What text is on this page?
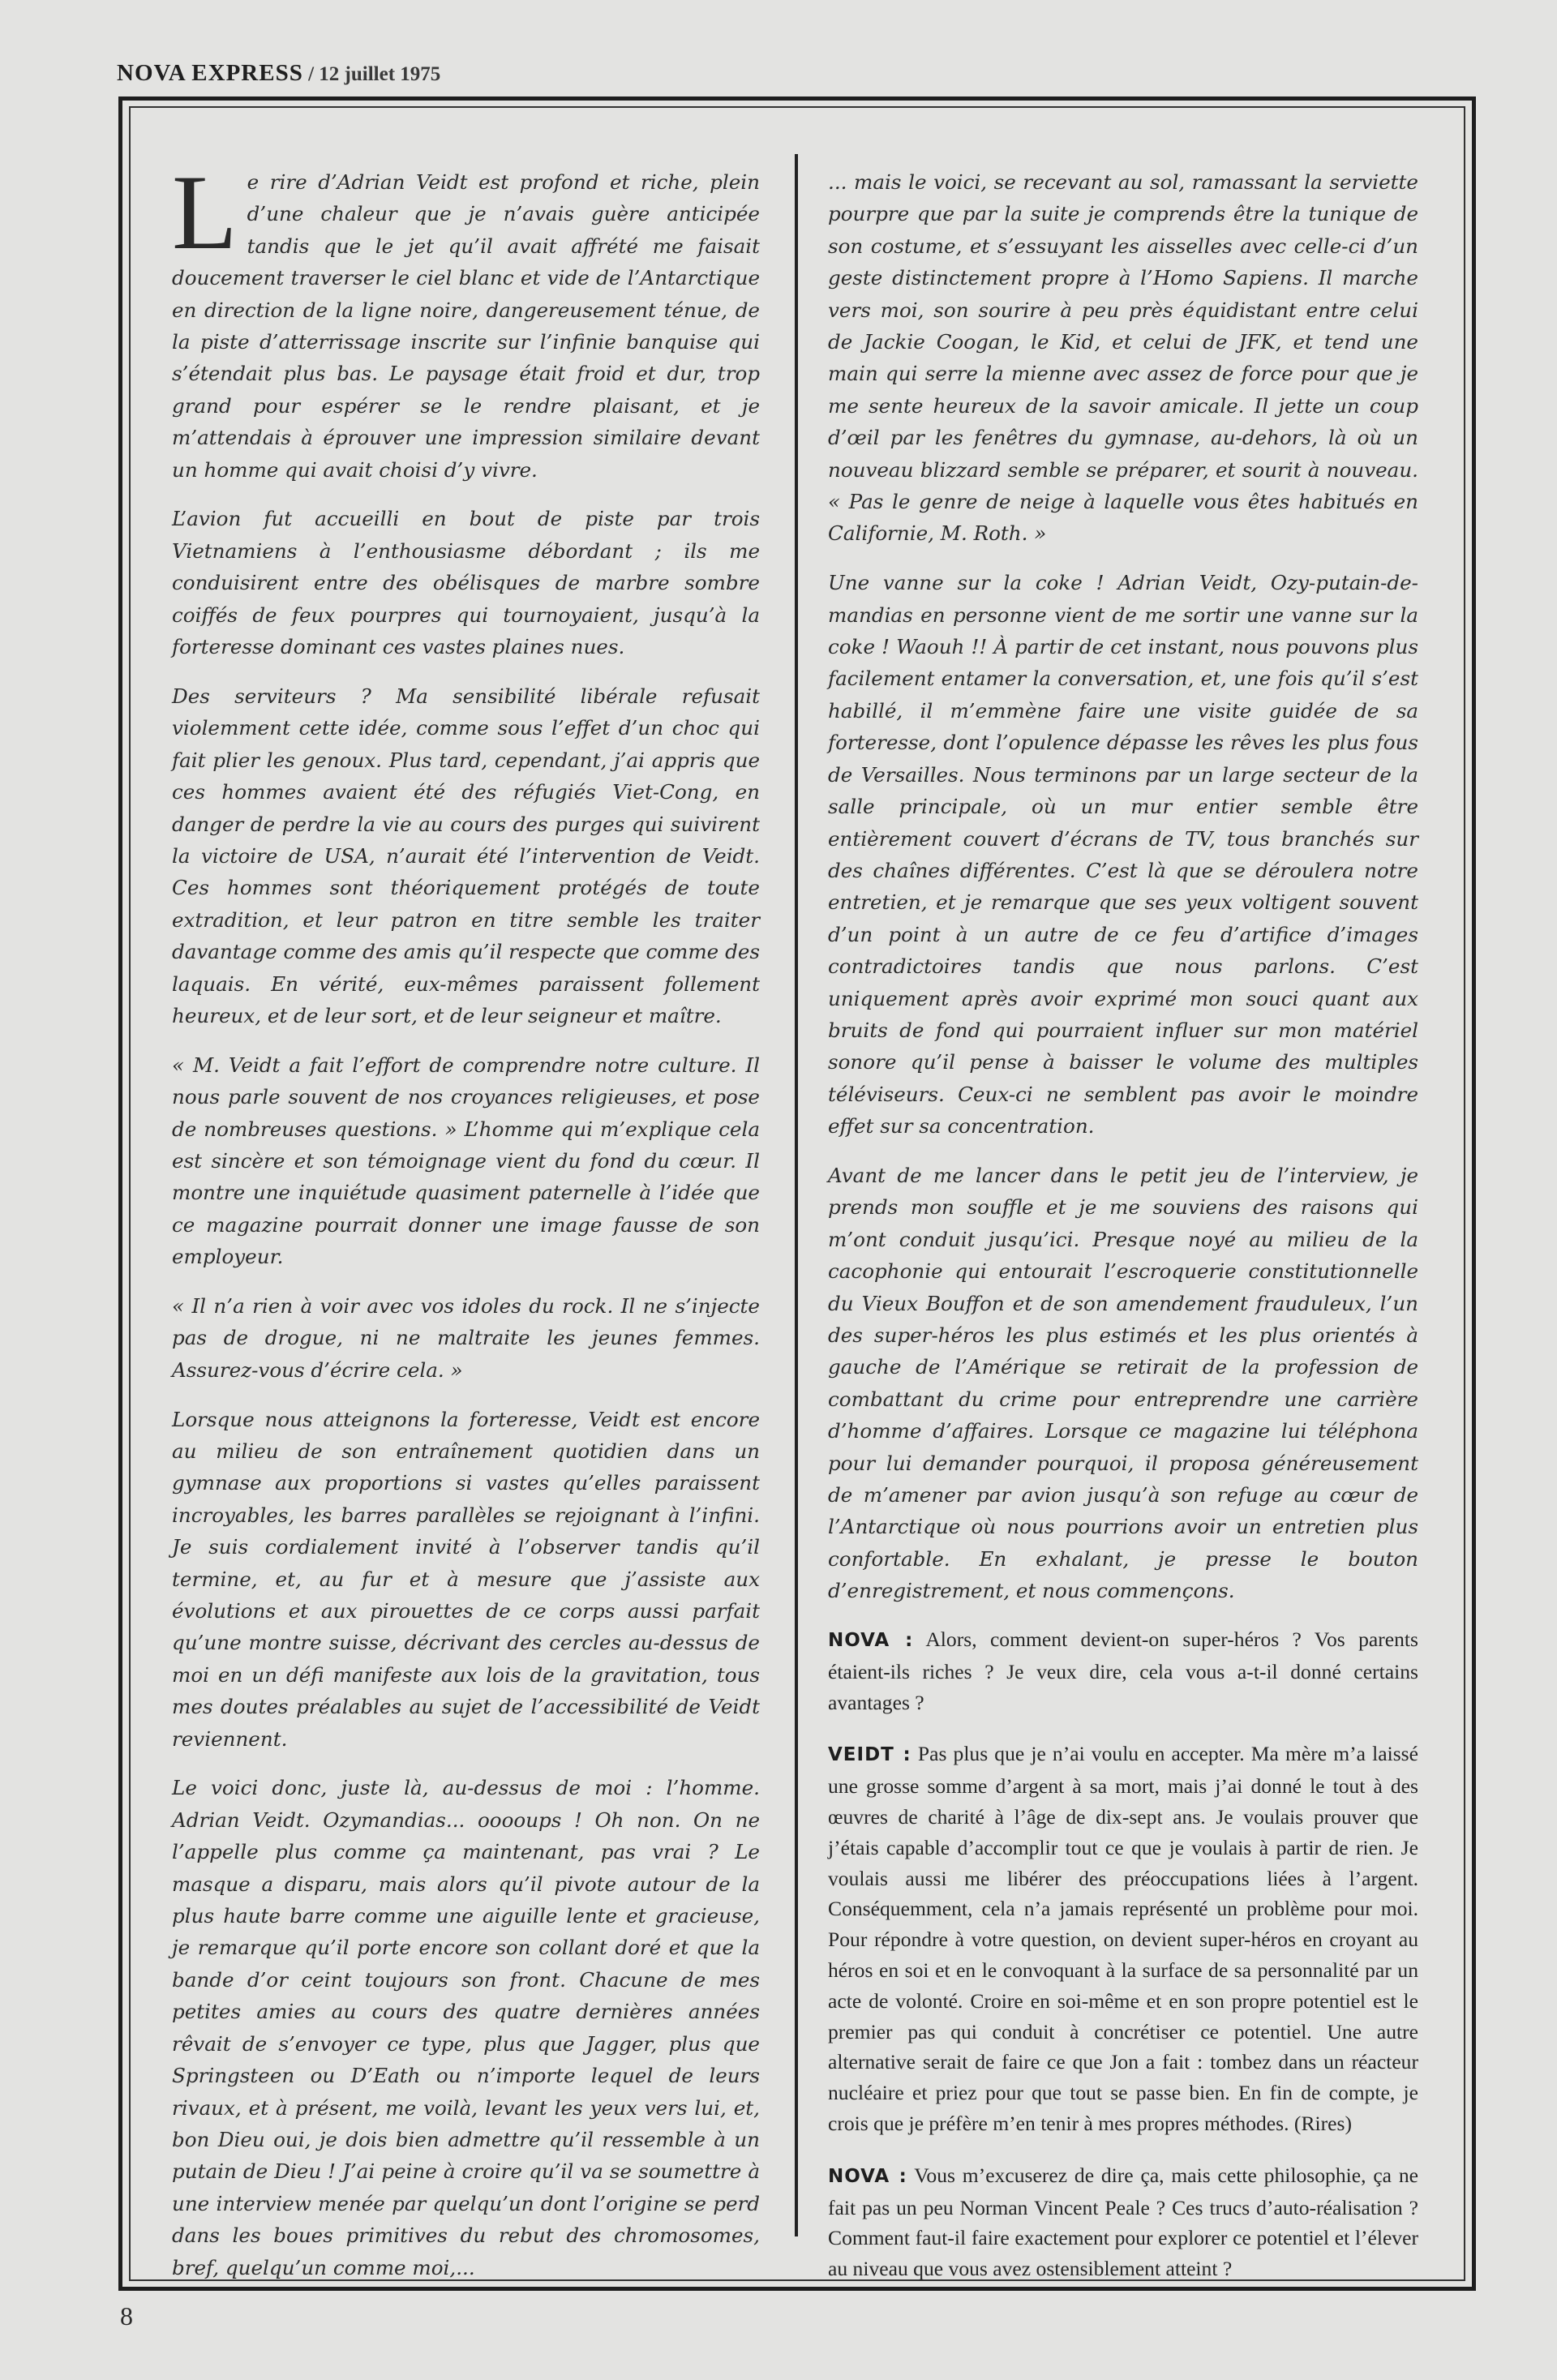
NOVA EXPRESS / 12 juillet 1975

Le rire d’Adrian Veidt est profond et riche, plein d’une chaleur que je n’avais guère anticipée tandis que le jet qu’il avait affrété me faisait doucement traverser le ciel blanc et vide de l’Antarctique en direction de la ligne noire, dangereusement ténue, de la piste d’atterrissage inscrite sur l’infinie banquise qui s’étendait plus bas. Le paysage était froid et dur, trop grand pour espérer se le rendre plaisant, et je m’attendais à éprouver une impression similaire devant un homme qui avait choisi d’y vivre.

L’avion fut accueilli en bout de piste par trois Vietnamiens à l’enthousiasme débordant ; ils me conduisirent entre des obélisques de marbre sombre coiffés de feux pourpres qui tournoyaient, jusqu’à la forteresse dominant ces vastes plaines nues.

Des serviteurs ? Ma sensibilité libérale refusait violemment cette idée, comme sous l’effet d’un choc qui fait plier les genoux. Plus tard, cependant, j’ai appris que ces hommes avaient été des réfugiés Viet-Cong, en danger de perdre la vie au cours des purges qui suivirent la victoire de USA, n’aurait été l’intervention de Veidt. Ces hommes sont théoriquement protégés de toute extradition, et leur patron en titre semble les traiter davantage comme des amis qu’il respecte que comme des laquais. En vérité, eux-mêmes paraissent follement heureux, et de leur sort, et de leur seigneur et maître.

« M. Veidt a fait l’effort de comprendre notre culture. Il nous parle souvent de nos croyances religieuses, et pose de nombreuses questions. » L’homme qui m’explique cela est sincère et son témoignage vient du fond du cœur. Il montre une inquiétude quasiment paternelle à l’idée que ce magazine pourrait donner une image fausse de son employeur.

« Il n’a rien à voir avec vos idoles du rock. Il ne s’injecte pas de drogue, ni ne maltraite les jeunes femmes. Assurez-vous d’écrire cela. »

Lorsque nous atteignons la forteresse, Veidt est encore au milieu de son entraînement quotidien dans un gymnase aux proportions si vastes qu’elles paraissent incroyables, les barres parallèles se rejoignant à l’infini. Je suis cordialement invité à l’observer tandis qu’il termine, et, au fur et à mesure que j’assiste aux évolutions et aux pirouettes de ce corps aussi parfait qu’une montre suisse, décrivant des cercles au-dessus de moi en un défi manifeste aux lois de la gravitation, tous mes doutes préalables au sujet de l’accessibilité de Veidt reviennent.

Le voici donc, juste là, au-dessus de moi : l’homme. Adrian Veidt. Ozymandias... ooooups ! Oh non. On ne l’appelle plus comme ça maintenant, pas vrai ? Le masque a disparu, mais alors qu’il pivote autour de la plus haute barre comme une aiguille lente et gracieuse, je remarque qu’il porte encore son collant doré et que la bande d’or ceint toujours son front. Chacune de mes petites amies au cours des quatre dernières années rêvait de s’envoyer ce type, plus que Jagger, plus que Springsteen ou D’Eath ou n’importe lequel de leurs rivaux, et à présent, me voilà, levant les yeux vers lui, et, bon Dieu oui, je dois bien admettre qu’il ressemble à un putain de Dieu ! J’ai peine à croire qu’il va se soumettre à une interview menée par quelqu’un dont l’origine se perd dans les boues primitives du rebut des chromosomes, bref, quelqu’un comme moi,...

... mais le voici, se recevant au sol, ramassant la serviette pourpre que par la suite je comprends être la tunique de son costume, et s’essuyant les aisselles avec celle-ci d’un geste distinctement propre à l’Homo Sapiens. Il marche vers moi, son sourire à peu près équidistant entre celui de Jackie Coogan, le Kid, et celui de JFK, et tend une main qui serre la mienne avec assez de force pour que je me sente heureux de la savoir amicale. Il jette un coup d’œil par les fenêtres du gymnase, au-dehors, là où un nouveau blizzard semble se préparer, et sourit à nouveau. « Pas le genre de neige à laquelle vous êtes habitués en Californie, M. Roth. »

Une vanne sur la coke ! Adrian Veidt, Ozy-putain-de-mandias en personne vient de me sortir une vanne sur la coke ! Waouh !! À partir de cet instant, nous pouvons plus facilement entamer la conversation, et, une fois qu’il s’est habillé, il m’emmène faire une visite guidée de sa forteresse, dont l’opulence dépasse les rêves les plus fous de Versailles. Nous terminons par un large secteur de la salle principale, où un mur entier semble être entièrement couvert d’écrans de TV, tous branchés sur des chaînes différentes. C’est là que se déroulera notre entretien, et je remarque que ses yeux voltigent souvent d’un point à un autre de ce feu d’artifice d’images contradictoires tandis que nous parlons. C’est uniquement après avoir exprimé mon souci quant aux bruits de fond qui pourraient influer sur mon matériel sonore qu’il pense à baisser le volume des multiples téléviseurs. Ceux-ci ne semblent pas avoir le moindre effet sur sa concentration.

Avant de me lancer dans le petit jeu de l’interview, je prends mon souffle et je me souviens des raisons qui m’ont conduit jusqu’ici. Presque noyé au milieu de la cacophonie qui entourait l’escroquerie constitutionnelle du Vieux Bouffon et de son amendement frauduleux, l’un des super-héros les plus estimés et les plus orientés à gauche de l’Amérique se retirait de la profession de combattant du crime pour entreprendre une carrière d’homme d’affaires. Lorsque ce magazine lui téléphona pour lui demander pourquoi, il proposa généreusement de m’amener par avion jusqu’à son refuge au cœur de l’Antarctique où nous pourrions avoir un entretien plus confortable. En exhalant, je presse le bouton d’enregistrement, et nous commençons.

NOVA : Alors, comment devient-on super-héros ? Vos parents étaient-ils riches ? Je veux dire, cela vous a-t-il donné certains avantages ?

VEIDT : Pas plus que je n’ai voulu en accepter. Ma mère m’a laissé une grosse somme d’argent à sa mort, mais j’ai donné le tout à des œuvres de charité à l’âge de dix-sept ans. Je voulais prouver que j’étais capable d’accomplir tout ce que je voulais à partir de rien. Je voulais aussi me libérer des préoccupations liées à l’argent. Conséquemment, cela n’a jamais représenté un problème pour moi. Pour répondre à votre question, on devient super-héros en croyant au héros en soi et en le convoquant à la surface de sa personnalité par un acte de volonté. Croire en soi-même et en son propre potentiel est le premier pas qui conduit à concrétiser ce potentiel. Une autre alternative serait de faire ce que Jon a fait : tombez dans un réacteur nucléaire et priez pour que tout se passe bien. En fin de compte, je crois que je préfère m’en tenir à mes propres méthodes. (Rires)

NOVA : Vous m’excuserez de dire ça, mais cette philosophie, ça ne fait pas un peu Norman Vincent Peale ? Ces trucs d’auto-réalisation ? Comment faut-il faire exactement pour explorer ce potentiel et l’élever au niveau que vous avez ostensiblement atteint ?

8
